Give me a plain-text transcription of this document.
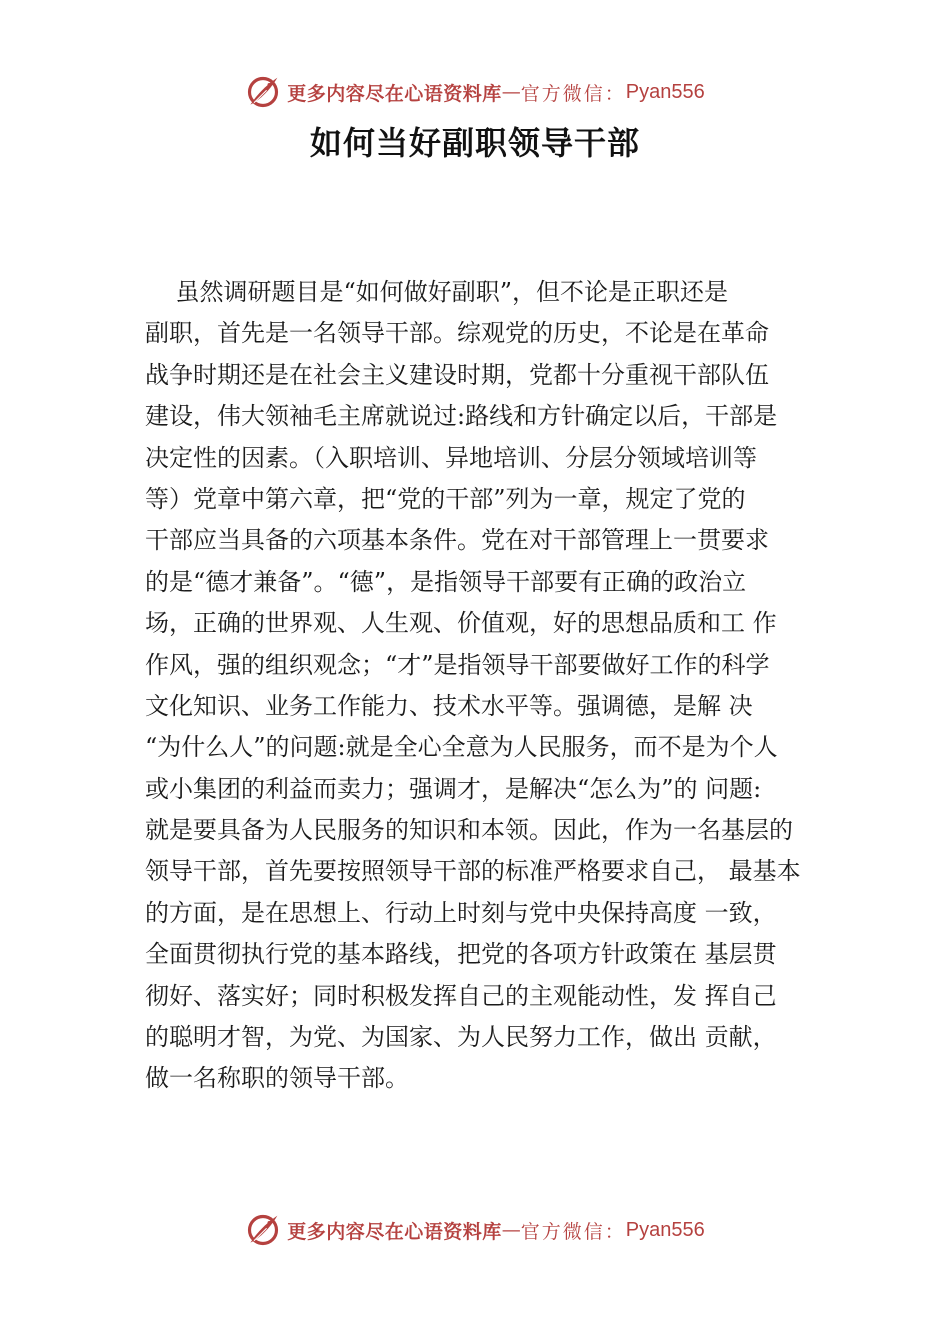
更多内容尽在心语资料库 — 官方微信： Pyan556
如何当好副职领导干部
虽然调研题目是“如何做好副职”，但不论是正职还是
副职，首先是一名领导干部。综观党的历史，不论是在革命
战争时期还是在社会主义建设时期，党都十分重视干部队伍
建设，伟大领袖毛主席就说过:路线和方针确定以后，干部是
决定性的因素。（入职培训、异地培训、分层分领域培训等
等）党章中第六章，把“党的干部”列为一章，规定了党的
干部应当具备的六项基本条件。党在对干部管理上一贯要求
的是“德才兼备”。“德”，是指领导干部要有正确的政治立
场，正确的世界观、人生观、价值观，好的思想品质和工 作
作风，强的组织观念；“才”是指领导干部要做好工作的科学
文化知识、业务工作能力、技术水平等。强调德，是解 决
“为什么人”的问题:就是全心全意为人民服务，而不是为个人
或小集团的利益而卖力；强调才，是解决“怎么为”的 问题:
就是要具备为人民服务的知识和本领。因此，作为一名基层的
领导干部，首先要按照领导干部的标准严格要求自己， 最基本
的方面，是在思想上、行动上时刻与党中央保持高度 一致，
全面贯彻执行党的基本路线，把党的各项方针政策在 基层贯
彻好、落实好；同时积极发挥自己的主观能动性，发 挥自己
的聪明才智，为党、为国家、为人民努力工作，做出 贡献，
做一名称职的领导干部。
更多内容尽在心语资料库 — 官方微信： Pyan556
